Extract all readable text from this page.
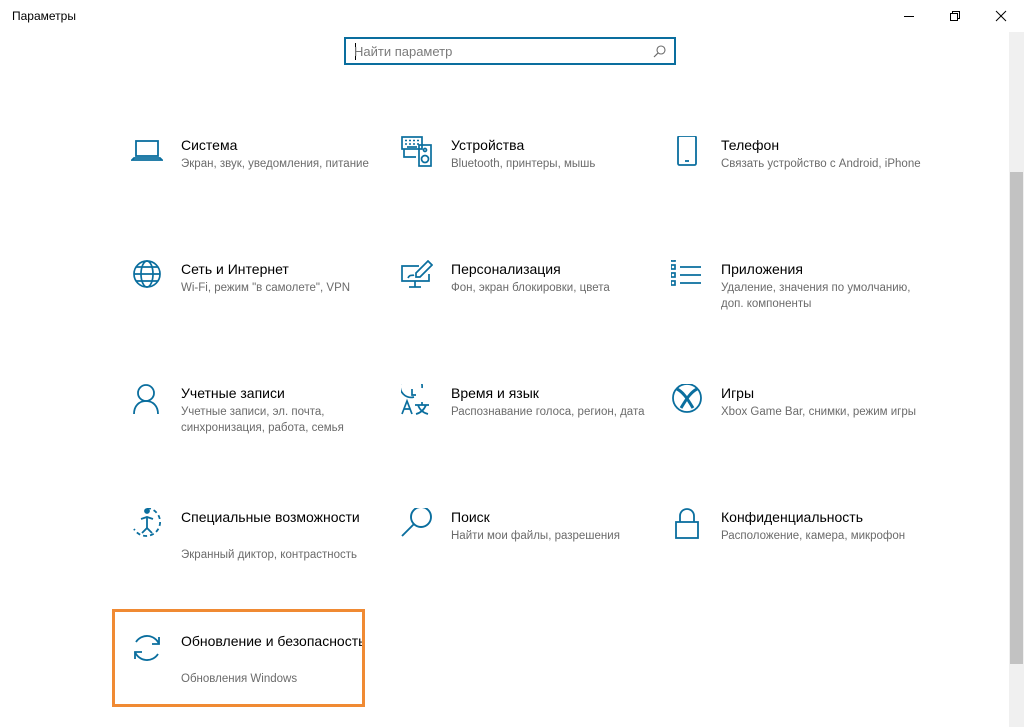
Параметры
Найти параметр
Система
Экран, звук, уведомления, питание
Устройства
Bluetooth, принтеры, мышь
Телефон
Связать устройство с Android, iPhone
Сеть и Интернет
Wi-Fi, режим "в самолете", VPN
Персонализация
Фон, экран блокировки, цвета
Приложения
Удаление, значения по умолчанию, доп. компоненты
Учетные записи
Учетные записи, эл. почта, синхронизация, работа, семья
Время и язык
Распознавание голоса, регион, дата
Игры
Xbox Game Bar, снимки, режим игры
Специальные возможности
Экранный диктор, контрастность
Поиск
Найти мои файлы, разрешения
Конфиденциальность
Расположение, камера, микрофон
Обновление и безопасность
Обновления Windows
